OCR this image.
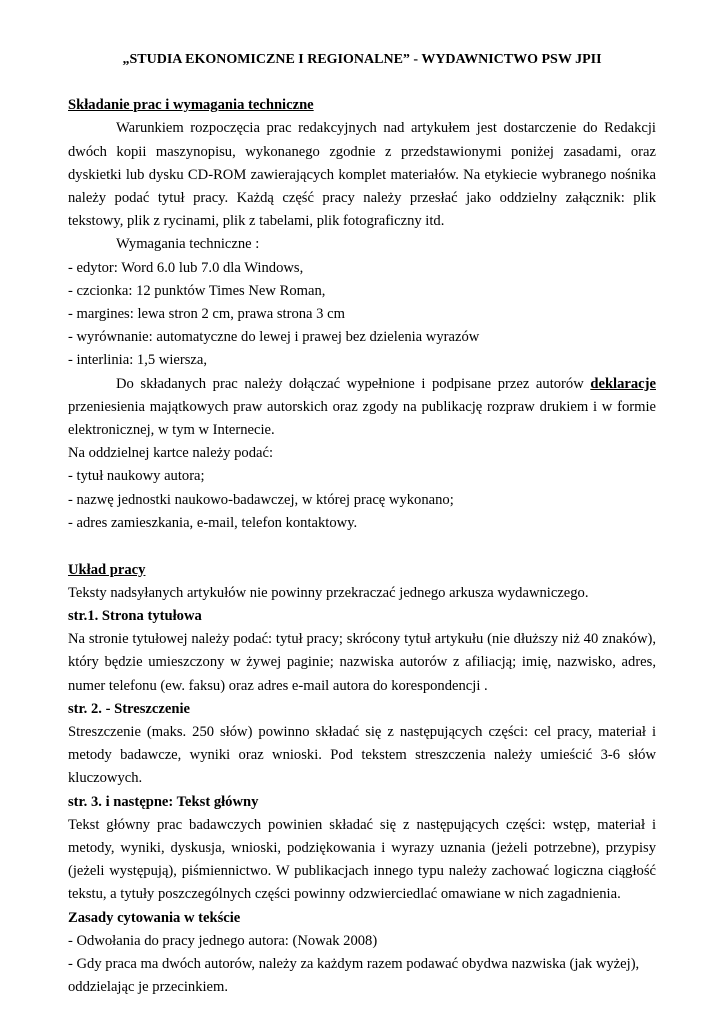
„STUDIA EKONOMICZNE I REGIONALNE” - WYDAWNICTWO PSW JPII

Składanie prac i wymagania techniczne

Warunkiem rozpoczęcia prac redakcyjnych nad artykułem jest dostarczenie do Redakcji dwóch kopii maszynopisu, wykonanego zgodnie z przedstawionymi poniżej zasadami, oraz dyskietki lub dysku CD-ROM zawierających komplet materiałów. Na etykiecie wybranego nośnika należy podać tytuł pracy. Każdą część pracy należy przesłać jako oddzielny załącznik: plik tekstowy, plik z rycinami, plik z tabelami, plik fotograficzny itd.

Wymagania techniczne :

- edytor: Word 6.0 lub 7.0 dla Windows,

- czcionka: 12 punktów Times New Roman,

- margines: lewa stron 2 cm, prawa strona 3 cm

- wyrównanie: automatyczne do lewej i prawej bez dzielenia wyrazów

- interlinia: 1,5 wiersza,

Do składanych prac należy dołączać wypełnione i podpisane przez autorów deklaracje przeniesienia majątkowych praw autorskich oraz zgody na publikację rozpraw drukiem i w formie elektronicznej, w tym w Internecie.

Na oddzielnej kartce należy podać:

- tytuł naukowy autora;

- nazwę jednostki naukowo-badawczej, w której pracę wykonano;

- adres zamieszkania, e-mail, telefon kontaktowy.

Układ pracy

Teksty nadsyłanych artykułów nie powinny przekraczać jednego arkusza wydawniczego.

str.1. Strona tytułowa

Na stronie tytułowej należy podać: tytuł pracy; skrócony tytuł artykułu (nie dłuższy niż 40 znaków), który będzie umieszczony w żywej paginie; nazwiska autorów z afiliacją; imię, nazwisko, adres, numer telefonu (ew. faksu) oraz adres e-mail autora do korespondencji .

str. 2. - Streszczenie

Streszczenie (maks. 250 słów) powinno składać się z następujących części: cel pracy, materiał i metody badawcze, wyniki oraz wnioski. Pod tekstem streszczenia należy umieścić 3-6 słów kluczowych.

str. 3. i następne: Tekst główny

Tekst główny prac badawczych powinien składać się z następujących części: wstęp, materiał i metody, wyniki, dyskusja, wnioski, podziękowania i wyrazy uznania (jeżeli potrzebne), przypisy (jeżeli występują), piśmiennictwo. W publikacjach innego typu należy zachować logiczna ciągłość tekstu, a tytuły poszczególnych części powinny odzwierciedlać omawiane w nich zagadnienia.

Zasady cytowania w tekście

- Odwołania do pracy jednego autora: (Nowak 2008)

- Gdy praca ma dwóch autorów, należy za każdym razem podawać obydwa nazwiska (jak wyżej), oddzielając je przecinkiem.
